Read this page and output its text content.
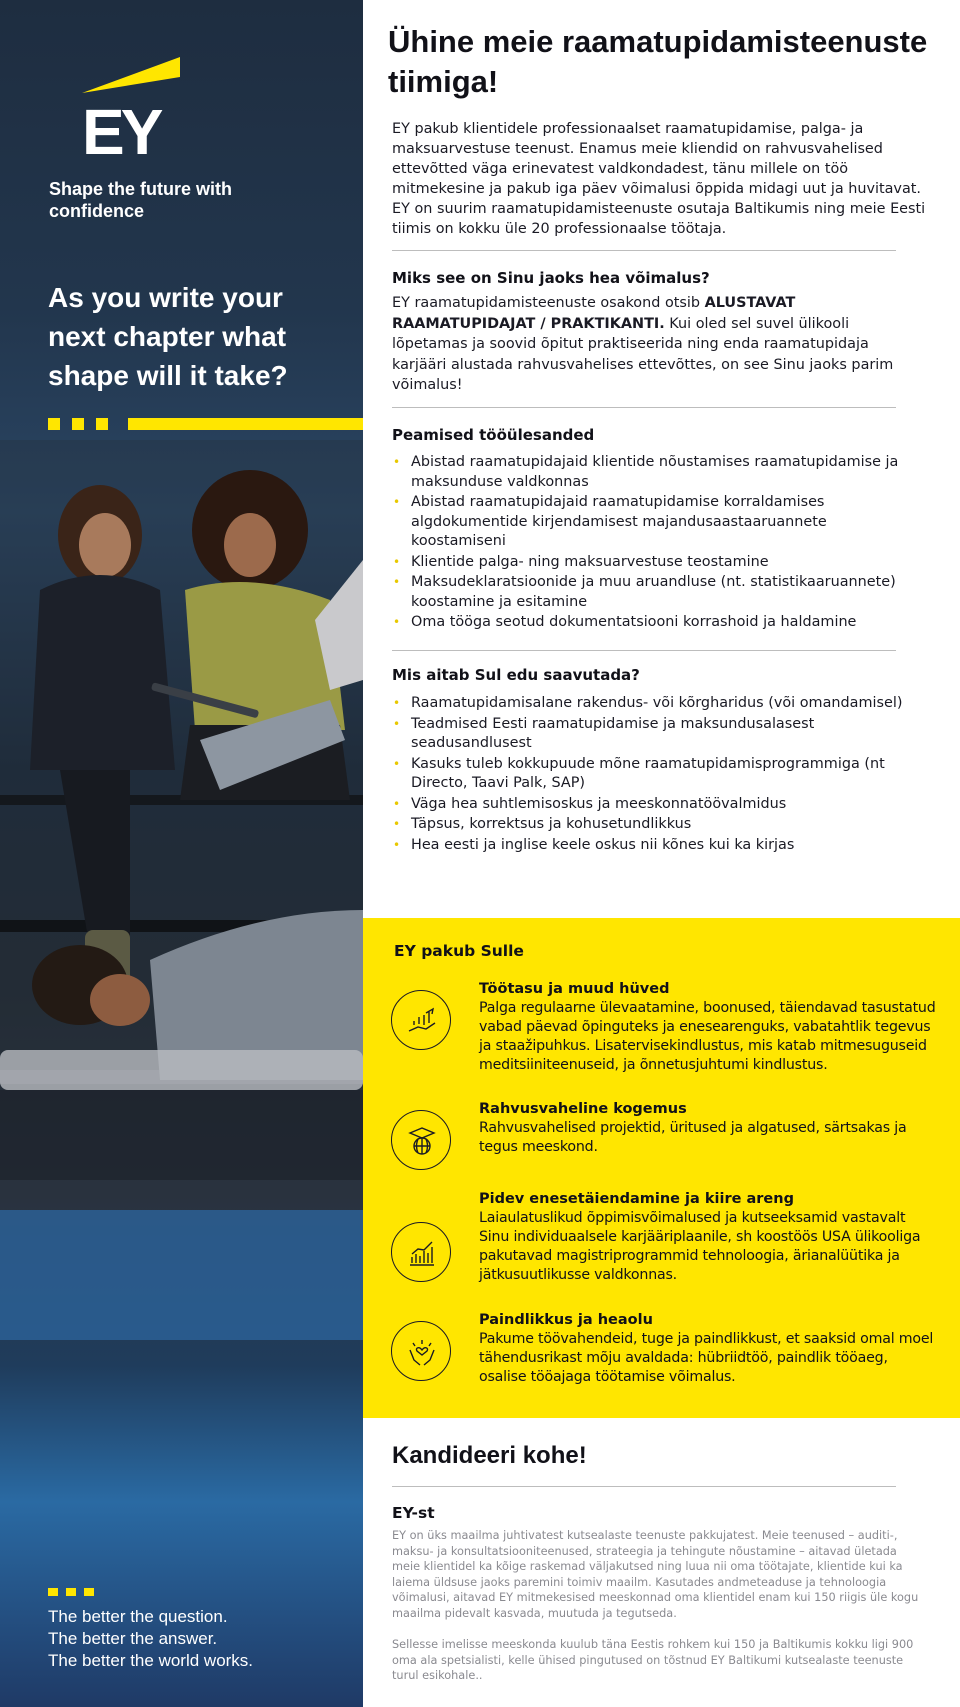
EY
Shape the future with confidence
As you write your next chapter what shape will it take?
The better the question.
The better the answer.
The better the world works.
Ühine meie raamatupidamisteenuste tiimiga!

EY pakub klientidele professionaalset raamatupidamise, palga- ja maksuarvestuse teenust. Enamus meie kliendid on rahvusvahelised ettevõtted väga erinevatest valdkondadest, tänu millele on töö mitmekesine ja pakub iga päev võimalusi õppida midagi uut ja huvitavat. EY on suurim raamatupidamisteenuste osutaja Baltikumis ning meie Eesti tiimis on kokku üle 20 professionaalse töötaja.

Miks see on Sinu jaoks hea võimalus?

EY raamatupidamisteenuste osakond otsib ALUSTAVAT RAAMATUPIDAJAT / PRAKTIKANTI. Kui oled sel suvel ülikooli lõpetamas ja soovid õpitut praktiseerida ning enda raamatupidaja karjääri alustada rahvusvahelises ettevõttes, on see Sinu jaoks parim võimalus!

Peamised tööülesanded
• Abistad raamatupidajaid klientide nõustamises raamatupidamise ja maksunduse valdkonnas
• Abistad raamatupidajaid raamatupidamise korraldamises algdokumentide kirjendamisest majandusaastaaruannete koostamiseni
• Klientide palga- ning maksuarvestuse teostamine
• Maksudeklaratsioonide ja muu aruandluse (nt. statistikaaruannete) koostamine ja esitamine
• Oma tööga seotud dokumentatsiooni korrashoid ja haldamine
Mis aitab Sul edu saavutada?
• Raamatupidamisalane rakendus- või kõrgharidus (või omandamisel)
• Teadmised Eesti raamatupidamise ja maksundusalasest seadusandlusest
• Kasuks tuleb kokkupuude mõne raamatupidamisprogrammiga (nt Directo, Taavi Palk, SAP)
• Väga hea suhtlemisoskus ja meeskonnatöövalmidus
• Täpsus, korrektsus ja kohusetundlikkus
• Hea eesti ja inglise keele oskus nii kõnes kui ka kirjas
EY pakub Sulle
Töötasu ja muud hüved
Palga regulaarne ülevaatamine, boonused, täiendavad tasustatud vabad päevad õpinguteks ja enesearenguks, vabatahtlik tegevus ja staažipuhkus. Lisatervisekindlustus, mis katab mitmesuguseid meditsiiniteenuseid, ja õnnetusjuhtumi kindlustus.
Rahvusvaheline kogemus
Rahvusvahelised projektid, üritused ja algatused, särtsakas ja tegus meeskond.
Pidev enesetäiendamine ja kiire areng
Laiaulatuslikud õppimisvõimalused ja kutseeksamid vastavalt Sinu individuaalsele karjääriplaanile, sh koostöös USA ülikooliga pakutavad magistriprogrammid tehnoloogia, ärianalüütika ja jätkusuutlikusse valdkonnas.
Paindlikkus ja heaolu
Pakume töövahendeid, tuge ja paindlikkust, et saaksid omal moel tähendusrikast mõju avaldada: hübriidtöö, paindlik tööaeg, osalise tööajaga töötamise võimalus.
Kandideeri kohe!
EY-st

EY on üks maailma juhtivatest kutsealaste teenuste pakkujatest. Meie teenused – auditi-, maksu- ja konsultatsiooniteenused, strateegia ja tehingute nõustamine – aitavad ületada meie klientidel ka kõige raskemad väljakutsed ning luua nii oma töötajate, klientide kui ka laiema üldsuse jaoks paremini toimiv maailm. Kasutades andmeteaduse ja tehnoloogia võimalusi, aitavad EY mitmekesised meeskonnad oma klientidel enam kui 150 riigis üle kogu maailma pidevalt kasvada, muutuda ja tegutseda.

Sellesse imelisse meeskonda kuulub täna Eestis rohkem kui 150 ja Baltikumis kokku ligi 900 oma ala spetsialisti, kelle ühised pingutused on tõstnud EY Baltikumi kutsealaste teenuste turul esikohale..
